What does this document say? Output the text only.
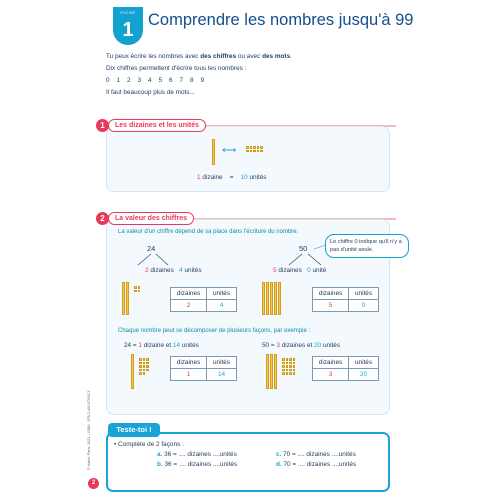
FICHE
1 Comprendre les nombres jusqu'à 99
Tu peux écrire les nombres avec des chiffres ou avec des mots.
Dix chiffres permettent d'écrire tous les nombres :
0 1 2 3 4 5 6 7 8 9
Il faut beaucoup plus de mots...
1	Les dizaines et les unités
⟷
1 dizaine = 10 unités
2	La valeur des chiffres
La valeur d'un chiffre dépend de sa place dans l'écriture du nombre.
Le chiffre 0 indique qu'il n'y a pas d'unité seule.
24
2 dizaines 4 unités
dizaines	unités
2	4
50
5 dizaines 0 unité
dizaines	unités
5	0
Chaque nombre peut se décomposer de plusieurs façons, par exemple :
24 = 1 dizaine et 14 unités
dizaines	unités
1	14
50 = 3 dizaines et 20 unités
dizaines	unités
3	20
Teste-toi !
• Complète de 2 façons :
a. 36 = .... dizaines ....unités
b. 36 = .... dizaines ....unités
c. 70 = .... dizaines ....unités
d. 70 = .... dizaines ....unités
© Hatier, Paris, 2021 – ISBN : 978-2-401-07940-3
2
